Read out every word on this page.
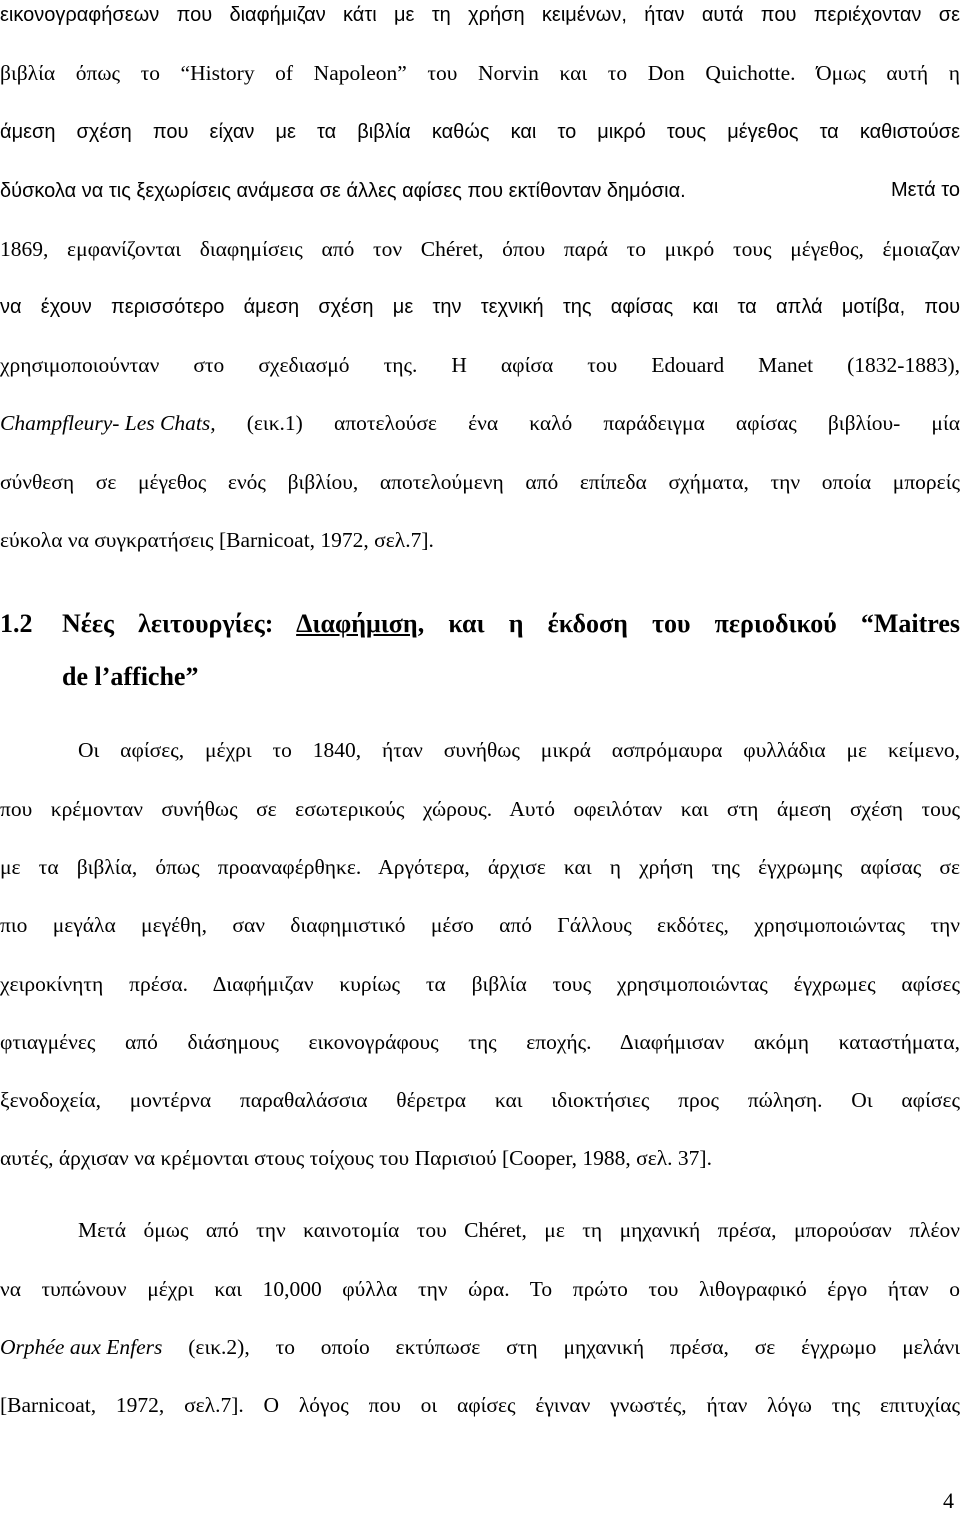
εικονογραφήσεων που διαφήμιζαν κάτι με τη χρήση κειμένων, ήταν αυτά που περιέχονταν σε
βιβλία όπως το “History of Napoleon” του Norvin και το Don Quichotte. Όμως αυτή η
άμεση σχέση που είχαν με τα βιβλία καθώς και το μικρό τους μέγεθος τα καθιστούσε
δύσκολα να τις ξεχωρίσεις ανάμεσα σε άλλες αφίσες που εκτίθονταν δημόσια.	Μετά το
1869, εμφανίζονται διαφημίσεις από τον Chéret, όπου παρά το μικρό τους μέγεθος, έμοιαζαν
να έχουν περισσότερο άμεση σχέση με την τεχνική της αφίσας και τα απλά μοτίβα, που
χρησιμοποιούνταν στο σχεδιασμό της. Η αφίσα του Edouard Manet (1832-1883),
Champfleury- Les Chats, (εικ.1) αποτελούσε ένα καλό παράδειγμα αφίσας βιβλίου- μία
σύνθεση σε μέγεθος ενός βιβλίου, αποτελούμενη από επίπεδα σχήματα, την οποία μπορείς
εύκολα να συγκρατήσεις [Barnicoat, 1972, σελ.7].
1.2 Νέες λειτουργίες: Διαφήμιση, και η έκδοση του περιοδικού “Maitres
de l’affiche”
Οι αφίσες, μέχρι το 1840, ήταν συνήθως μικρά ασπρόμαυρα φυλλάδια με κείμενο,
που κρέμονταν συνήθως σε εσωτερικούς χώρους. Αυτό οφειλόταν και στη άμεση σχέση τους
με τα βιβλία, όπως προαναφέρθηκε. Αργότερα, άρχισε και η χρήση της έγχρωμης αφίσας σε
πιο μεγάλα μεγέθη, σαν διαφημιστικό μέσο από Γάλλους εκδότες, χρησιμοποιώντας την
χειροκίνητη πρέσα. Διαφήμιζαν κυρίως τα βιβλία τους χρησιμοποιώντας έγχρωμες αφίσες
φτιαγμένες από διάσημους εικονογράφους της εποχής. Διαφήμισαν ακόμη καταστήματα,
ξενοδοχεία, μοντέρνα παραθαλάσσια θέρετρα και ιδιοκτήσιες προς πώληση. Οι αφίσες
αυτές, άρχισαν να κρέμονται στους τοίχους του Παρισιού [Cooper, 1988, σελ. 37].
Μετά όμως από την καινοτομία του Chéret, με τη μηχανική πρέσα, μπορούσαν πλέον
να τυπώνουν μέχρι και 10,000 φύλλα την ώρα. Το πρώτο του λιθογραφικό έργο ήταν ο
Orphée aux Enfers (εικ.2), το οποίο εκτύπωσε στη μηχανική πρέσα, σε έγχρωμο μελάνι
[Barnicoat, 1972, σελ.7]. Ο λόγος που οι αφίσες έγιναν γνωστές, ήταν λόγω της επιτυχίας
4
